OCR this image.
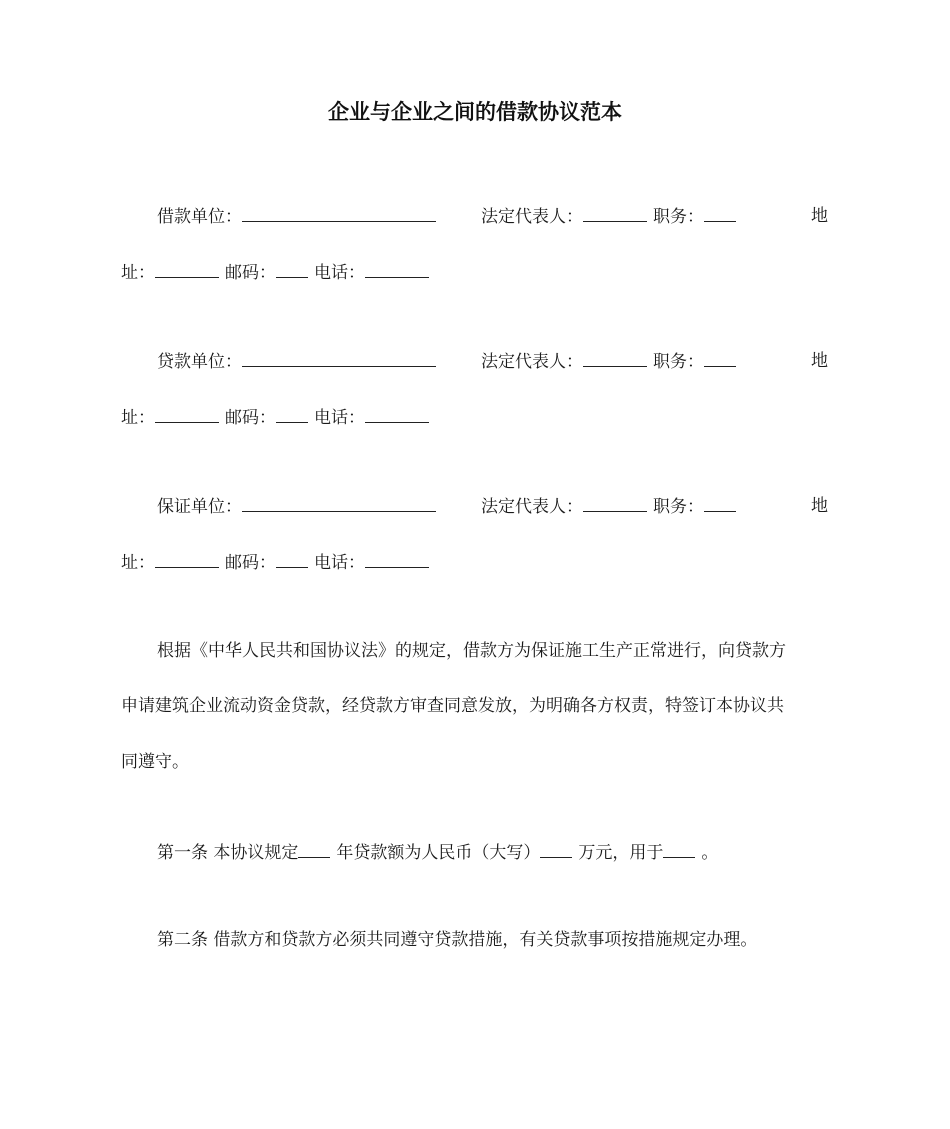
企业与企业之间的借款协议范本
借款单位：	法定代表人：	职务：	地
址：	邮码： 电话：
贷款单位：	法定代表人：	职务：	地
址：	邮码： 电话：
保证单位：	法定代表人：	职务：	地
址：	邮码： 电话：
根据《中华人民共和国协议法》的规定，借款方为保证施工生产正常进行，向贷款方
申请建筑企业流动资金贷款，经贷款方审查同意发放，为明确各方权责，特签订本协议共
同遵守。
第一条 本协议规定 年贷款额为人民币（大写） 万元，用于 。
第二条 借款方和贷款方必须共同遵守贷款措施，有关贷款事项按措施规定办理。
